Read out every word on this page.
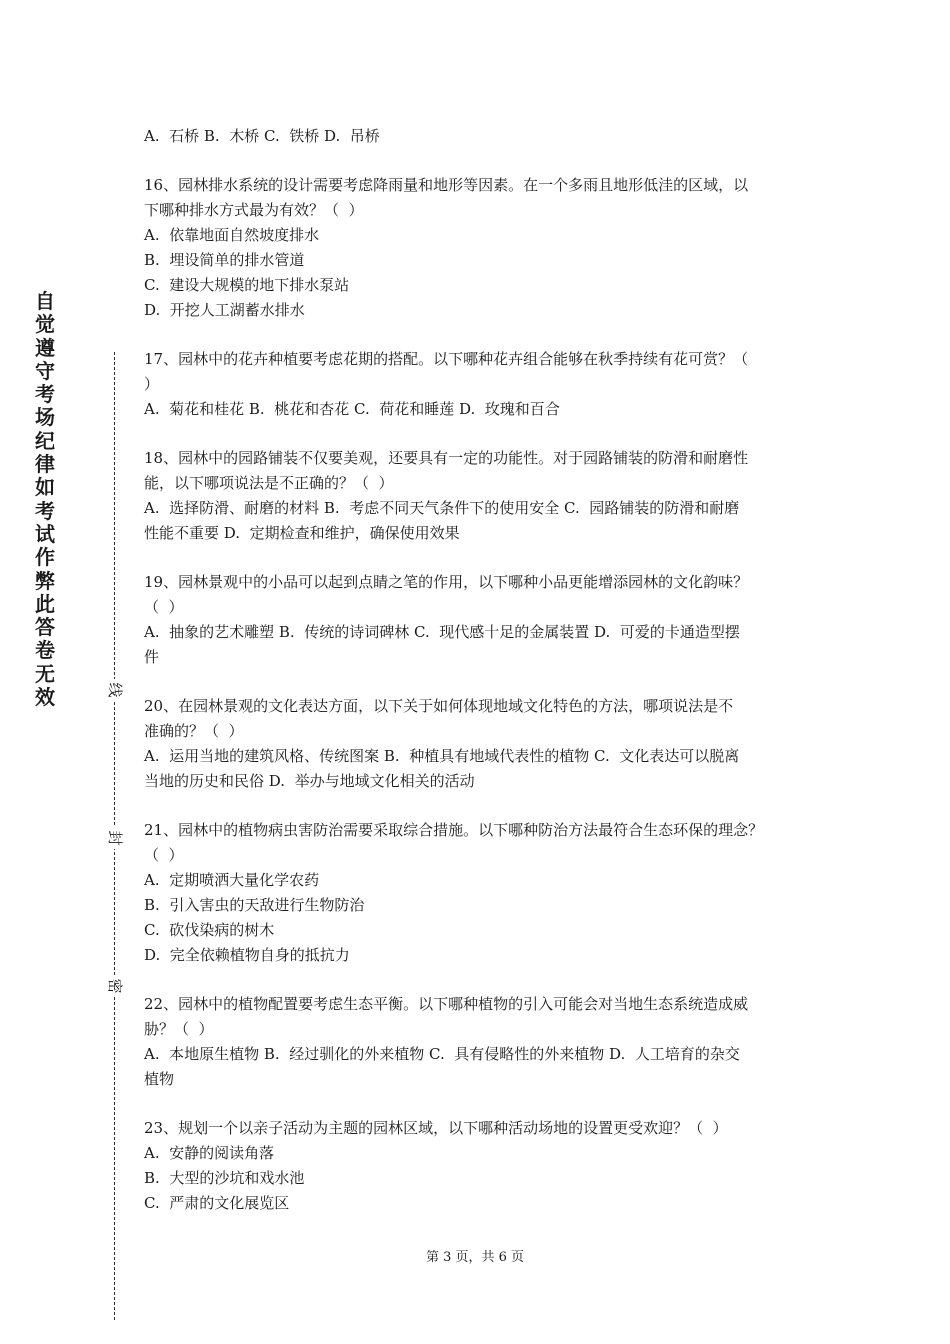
自觉遵守考场纪律如考试作弊此答卷无效	线
封
密
A.  石桥 B.  木桥 C.  铁桥 D.  吊桥
16、园林排水系统的设计需要考虑降雨量和地形等因素。在一个多雨且地形低洼的区域，以
下哪种排水方式最为有效？（  ）
A.  依靠地面自然坡度排水
B.  埋设简单的排水管道
C.  建设大规模的地下排水泵站
D.  开挖人工湖蓄水排水
17、园林中的花卉种植要考虑花期的搭配。以下哪种花卉组合能够在秋季持续有花可赏？（
）
A.  菊花和桂花 B.  桃花和杏花 C.  荷花和睡莲 D.  玫瑰和百合
18、园林中的园路铺装不仅要美观，还要具有一定的功能性。对于园路铺装的防滑和耐磨性
能，以下哪项说法是不正确的？（  ）
A.  选择防滑、耐磨的材料 B.  考虑不同天气条件下的使用安全 C.  园路铺装的防滑和耐磨
性能不重要 D.  定期检查和维护，确保使用效果
19、园林景观中的小品可以起到点睛之笔的作用，以下哪种小品更能增添园林的文化韵味？
（  ）
A.  抽象的艺术雕塑 B.  传统的诗词碑林 C.  现代感十足的金属装置 D.  可爱的卡通造型摆
件
20、在园林景观的文化表达方面，以下关于如何体现地域文化特色的方法，哪项说法是不
准确的？（  ）
A.  运用当地的建筑风格、传统图案 B.  种植具有地域代表性的植物 C.  文化表达可以脱离
当地的历史和民俗 D.  举办与地域文化相关的活动
21、园林中的植物病虫害防治需要采取综合措施。以下哪种防治方法最符合生态环保的理念？
（  ）
A.  定期喷洒大量化学农药
B.  引入害虫的天敌进行生物防治
C.  砍伐染病的树木
D.  完全依赖植物自身的抵抗力
22、园林中的植物配置要考虑生态平衡。以下哪种植物的引入可能会对当地生态系统造成威
胁？（  ）
A.  本地原生植物 B.  经过驯化的外来植物 C.  具有侵略性的外来植物 D.  人工培育的杂交
植物
23、规划一个以亲子活动为主题的园林区域，以下哪种活动场地的设置更受欢迎？（  ）
A.  安静的阅读角落
B.  大型的沙坑和戏水池
C.  严肃的文化展览区
第 3 页，共 6 页
